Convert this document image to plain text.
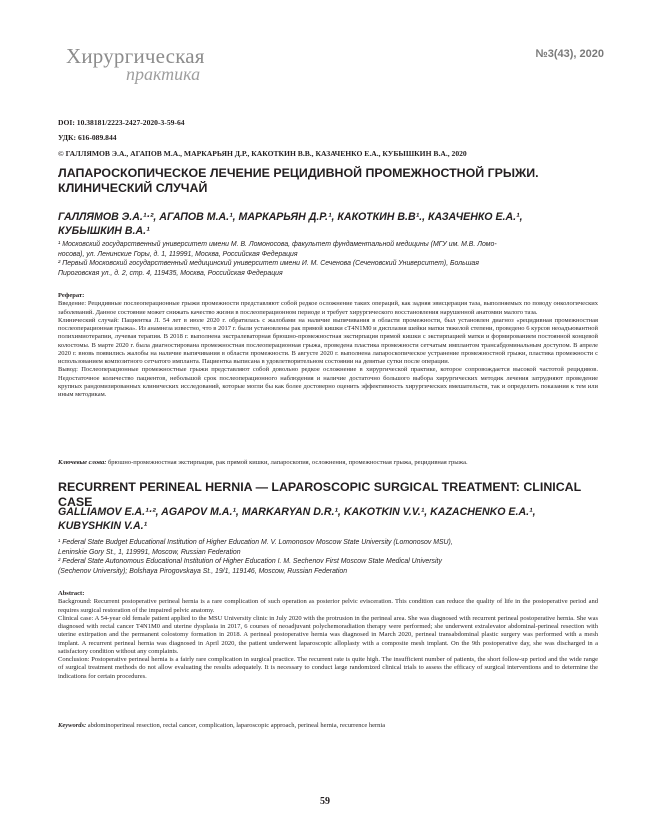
Хирургическая
практика
№3(43), 2020
DOI: 10.38181/2223-2427-2020-3-59-64
УДК: 616-089.844
© ГАЛЛЯМОВ Э.А., АГАПОВ М.А., МАРКАРЬЯН Д.Р., КАКОТКИН В.В., КАЗАЧЕНКО Е.А., КУБЫШКИН В.А., 2020
ЛАПАРОСКОПИЧЕСКОЕ ЛЕЧЕНИЕ РЕЦИДИВНОЙ ПРОМЕЖНОСТНОЙ ГРЫЖИ.
КЛИНИЧЕСКИЙ СЛУЧАЙ
ГАЛЛЯМОВ Э.А.¹·², АГАПОВ М.А.¹, МАРКАРЬЯН Д.Р.¹, КАКОТКИН В.В¹., КАЗАЧЕНКО Е.А.¹,
КУБЫШКИН В.А.¹
¹ Московский государственный университет имени М. В. Ломоносова, факультет фундаментальной медицины (МГУ им. М.В. Ломо-
носова), ул. Ленинские Горы, д. 1, 119991, Москва, Российская Федерация
² Первый Московский государственный медицинский университет имени И. М. Сеченова (Сеченовский Университет), Большая
Пироговская ул., д. 2, стр. 4, 119435, Москва, Российская Федерация

Реферат:

Введение: Рецидивные послеоперационные грыжи промежности представляют собой редкое осложнение таких операций, как задняя эвисцерация таза, выполняемых по поводу онкологических заболеваний. Данное состояние может снижать качество жизни в послеоперационном периоде и требует хирургического восстановления нарушенной анатомии малого таза.

Клинический случай: Пациентка Л. 54 лет в июле 2020 г. обратилась с жалобами на наличие выпячивания в области промежности, был установлен диагноз «рецидивная промежностная послеоперационная грыжа». Из анамнеза известно, что в 2017 г. были установлены рак прямой кишки сТ4N1M0 и дисплазия шейки матки тяжелой степени, проведено 6 курсов неоадъювантной полихимиотерапии, лучевая терапия. В 2018 г. выполнена экстралеваторная брюшно-промежностная экстирпация прямой кишки с экстирпацией матки и формированием постоянной концевой колостомы. В марте 2020 г. была диагностирована промежностная послеоперационная грыжа, проведена пластика промежности сетчатым имплантом трансабдоминальным доступом. В апреле 2020 г. вновь появились жалобы на наличие выпячивания в области промежности. В августе 2020 г. выполнена лапароскопическое устранение промежностной грыжи, пластика промежности с использованием композитного сетчатого импланта. Пациентка выписана в удовлетворительном состоянии на девятые сутки после операции.

Вывод: Послеоперационные промежностные грыжи представляют собой довольно редкое осложнение в хирургической практике, которое сопровождается высокой частотой рецидивов. Недостаточное количество пациентов, небольшой срок послеоперационного наблюдения и наличие достаточно большого выбора хирургических методик лечения затрудняют проведение крупных рандомизированных клинических исследований, которые могли бы как более достоверно оценить эффективность хирургических вмешательств, так и определить показания к тем или иным методикам.

Ключевые слова: брюшно-промежностная экстирпация, рак прямой кишки, лапароскопия, осложнения, промежностная грыжа, рецидивная грыжа.
RECURRENT PERINEAL HERNIA — LAPAROSCOPIC SURGICAL TREATMENT: CLINICAL CASE
GALLIAMOV E.A.¹·², AGAPOV M.A.¹, MARKARYAN D.R.¹, KAKOTKIN V.V.¹, KAZACHENKO E.A.¹,
KUBYSHKIN V.A.¹
¹ Federal State Budget Educational Institution of Higher Education M. V. Lomonosov Moscow State University (Lomonosov MSU),
Leninskie Gory St., 1, 119991, Moscow, Russian Federation
² Federal State Autonomous Educational Institution of Higher Education I. M. Sechenov First Moscow State Medical University
(Sechenov University); Bolshaya Pirogovskaya St., 19/1, 119146, Moscow, Russian Federation

Abstract:

Background: Recurrent postoperative perineal hernia is a rare complication of such operation as posterior pelvic evisceration. This condition can reduce the quality of life in the postoperative period and requires surgical restoration of the impaired pelvic anatomy.

Clinical case: A 54-year old female patient applied to the MSU University clinic in July 2020 with the protrusion in the perineal area. She was diagnosed with recurrent perineal postoperative hernia. She was diagnosed with rectal cancer T4N1M0 and uterine dysplasia in 2017, 6 courses of neoadjuvant polychemoradiation therapy were performed; she underwent extralevator abdominal-perineal resection with uterine extirpation and the permanent colostomy formation in 2018. A perineal postoperative hernia was diagnosed in March 2020, perineal transabdominal plastic surgery was performed with a mesh implant. A recurrent perineal hernia was diagnosed in April 2020, the patient underwent laparoscopic alloplasty with a composite mesh implant. On the 9th postoperative day, she was discharged in a satisfactory condition without any complaints.

Conclusion: Postoperative perineal hernia is a fairly rare complication in surgical practice. The recurrent rate is quite high. The insufficient number of patients, the short follow-up period and the wide range of surgical treatment methods do not allow evaluating the results adequately. It is necessary to conduct large randomized clinical trials to assess the efficacy of surgical interventions and to determine the indications for certain procedures.

Keywords: abdominoperineal resection, rectal cancer, complication, laparoscopic approach, perineal hernia, recurrence hernia
59
